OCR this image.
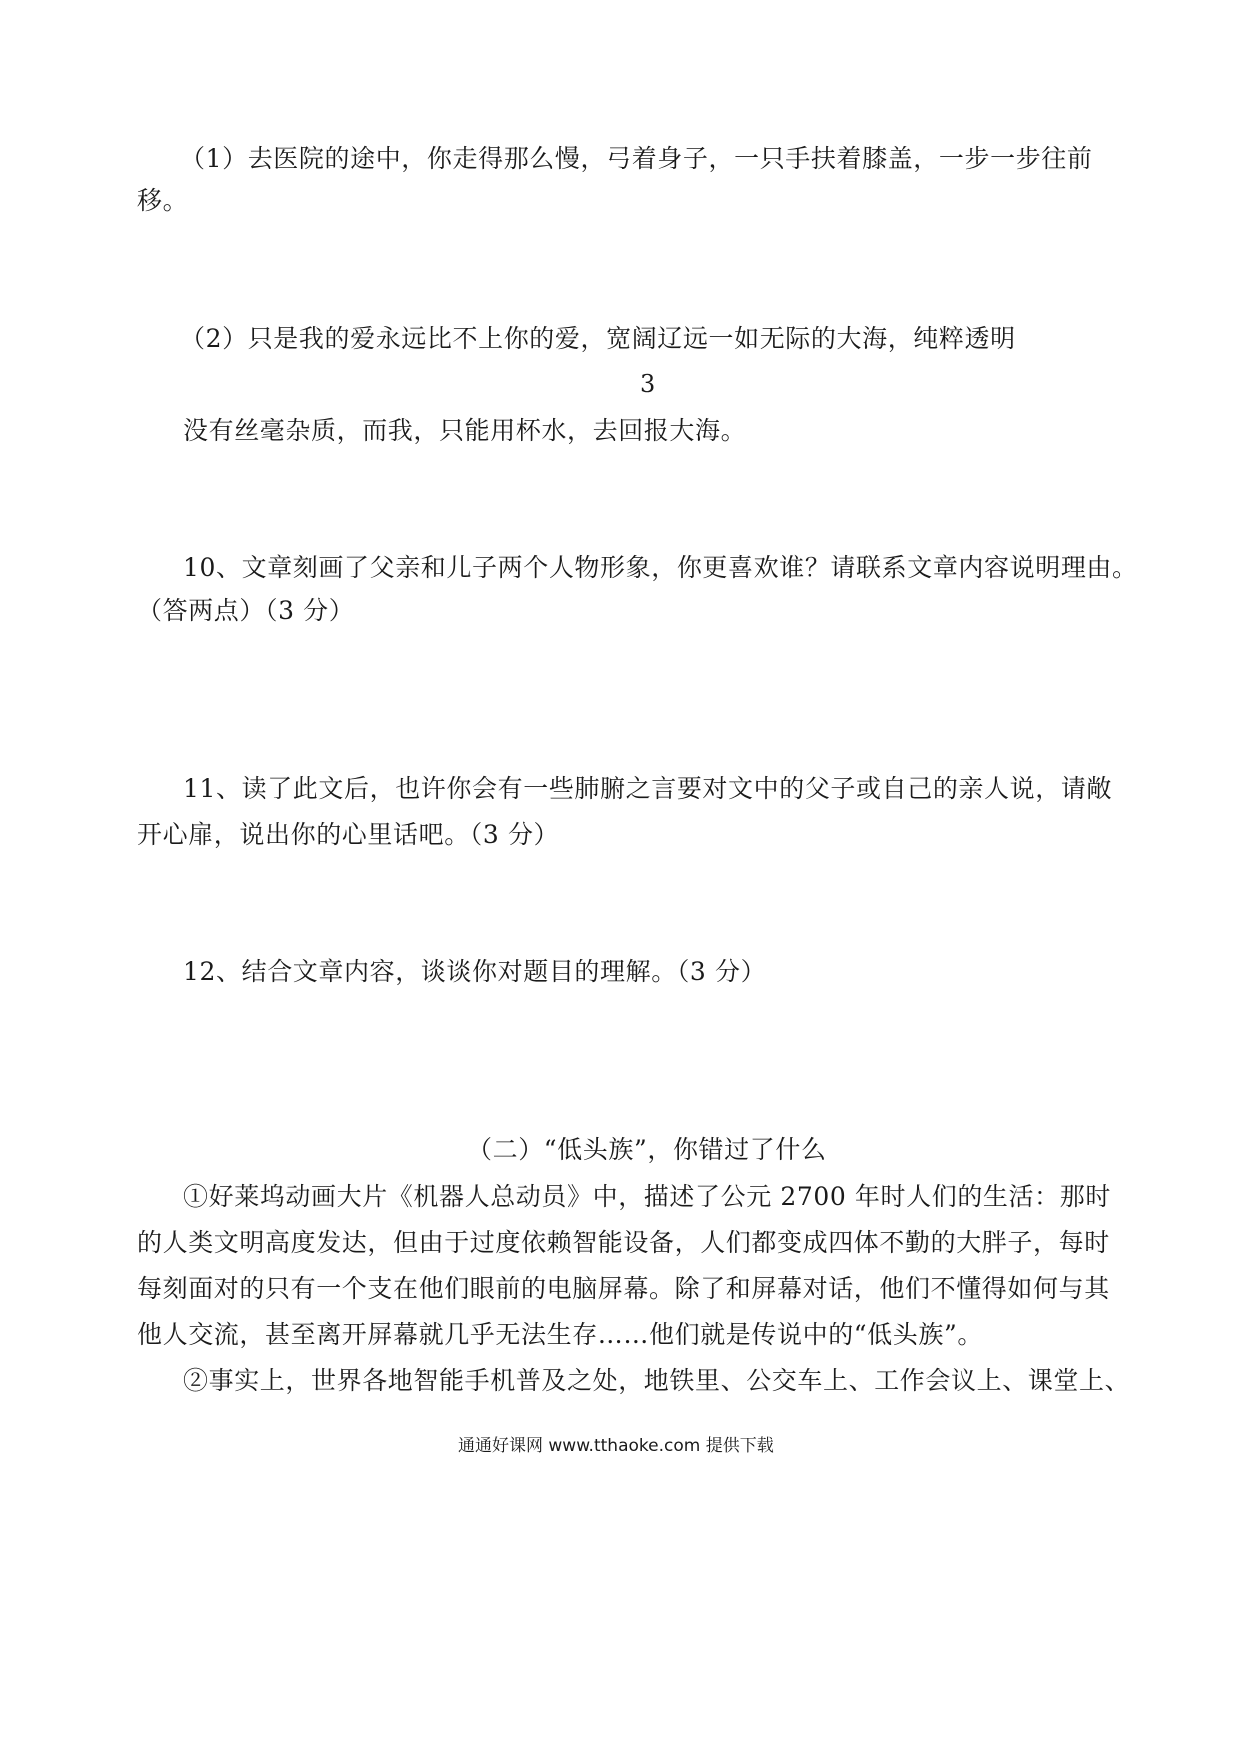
（1）去医院的途中，你走得那么慢，弓着身子，一只手扶着膝盖，一步一步往前
移。
（2）只是我的爱永远比不上你的爱，宽阔辽远一如无际的大海，纯粹透明
没有丝毫杂质，而我，只能用杯水，去回报大海。
3
10、文章刻画了父亲和儿子两个人物形象，你更喜欢谁？请联系文章内容说明理由。
（答两点）（3 分）
11、读了此文后，也许你会有一些肺腑之言要对文中的父子或自己的亲人说，请敞
开心扉，说出你的心里话吧。（3 分）
12、结合文章内容，谈谈你对题目的理解。（3 分）
（二）“低头族”，你错过了什么
①好莱坞动画大片《机器人总动员》中，描述了公元 2700 年时人们的生活：那时
的人类文明高度发达，但由于过度依赖智能设备，人们都变成四体不勤的大胖子，每时
每刻面对的只有一个支在他们眼前的电脑屏幕。除了和屏幕对话，他们不懂得如何与其
他人交流，甚至离开屏幕就几乎无法生存……他们就是传说中的“低头族”。
②事实上，世界各地智能手机普及之处，地铁里、公交车上、工作会议上、课堂上、
通通好课网 www.tthaoke.com 提供下载
